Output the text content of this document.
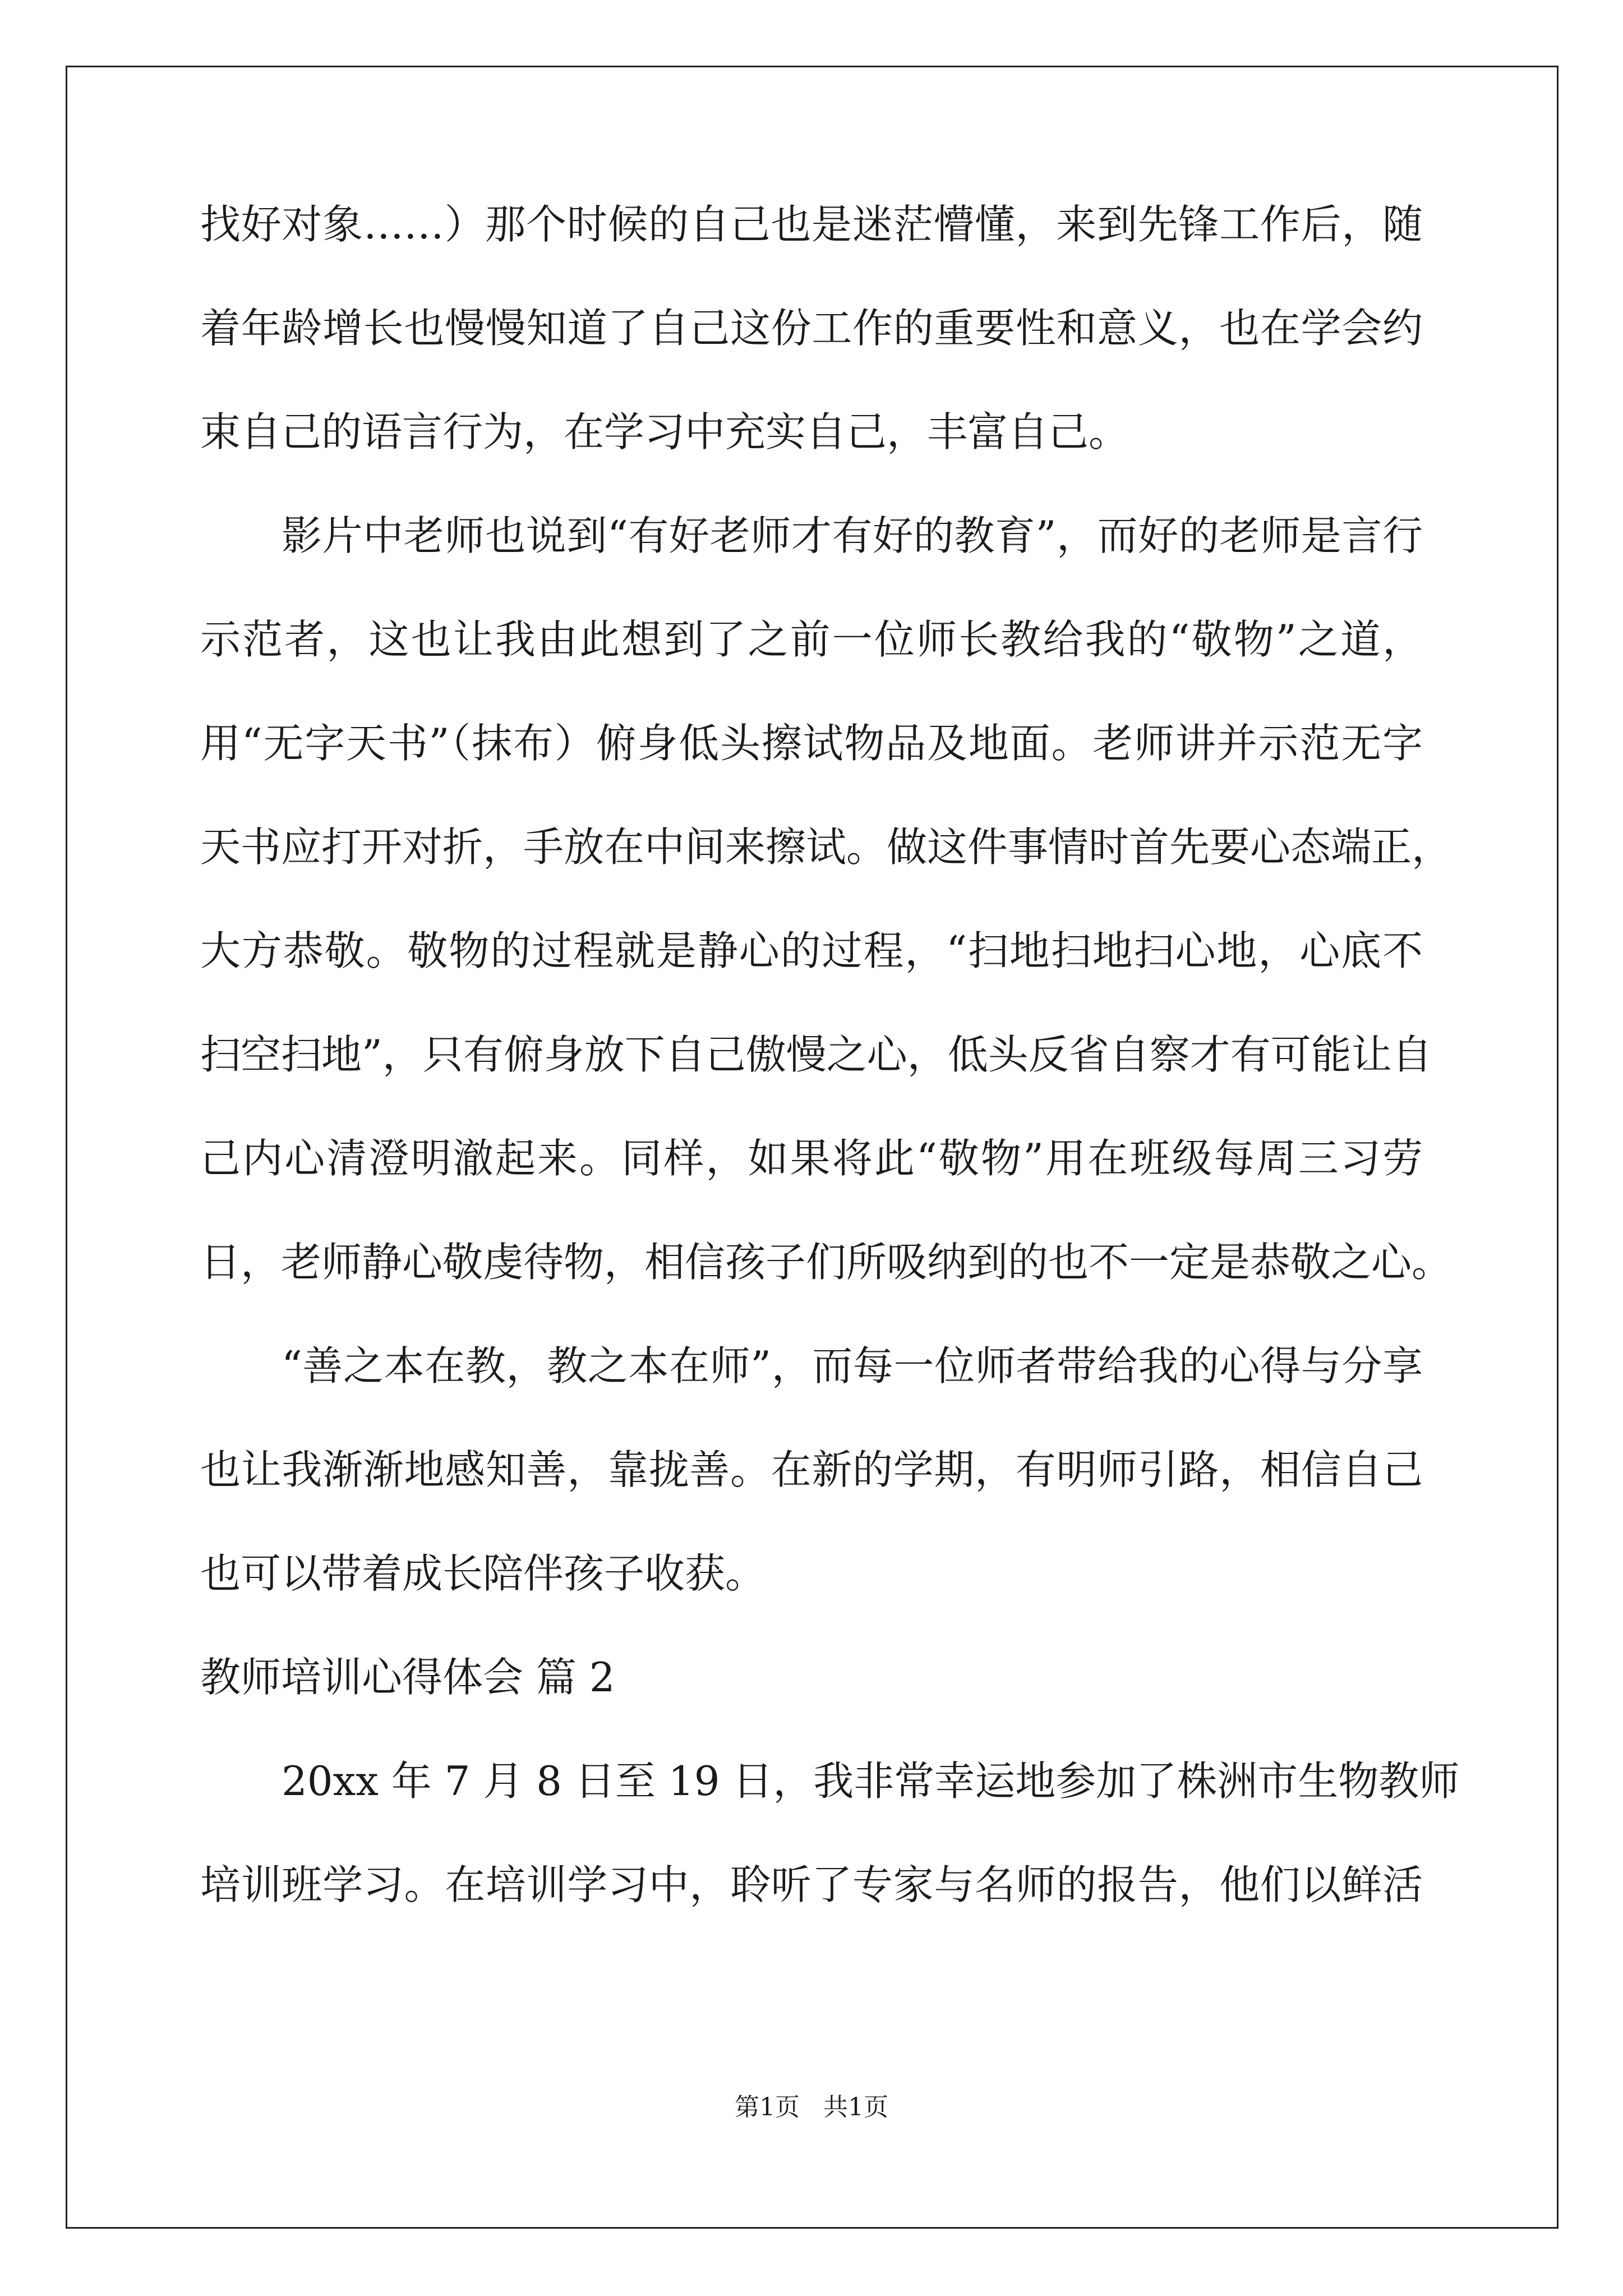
找好对象……）那个时候的自己也是迷茫懵懂，来到先锋工作后，随
着年龄增长也慢慢知道了自己这份工作的重要性和意义，也在学会约
束自己的语言行为，在学习中充实自己，丰富自己。
影片中老师也说到“有好老师才有好的教育”，而好的老师是言行
示范者，这也让我由此想到了之前一位师长教给我的“敬物”之道，
用“无字天书”（抹布）俯身低头擦试物品及地面。老师讲并示范无字
天书应打开对折，手放在中间来擦试。做这件事情时首先要心态端正，
大方恭敬。敬物的过程就是静心的过程，“扫地扫地扫心地，心底不
扫空扫地”，只有俯身放下自己傲慢之心，低头反省自察才有可能让自
己内心清澄明澈起来。同样，如果将此“敬物”用在班级每周三习劳
日，老师静心敬虔待物，相信孩子们所吸纳到的也不一定是恭敬之心。
“善之本在教，教之本在师”，而每一位师者带给我的心得与分享
也让我渐渐地感知善，靠拢善。在新的学期，有明师引路，相信自己
也可以带着成长陪伴孩子收获。
教师培训心得体会 篇 2
20xx 年 7 月 8 日至 19 日，我非常幸运地参加了株洲市生物教师
培训班学习。在培训学习中，聆听了专家与名师的报告，他们以鲜活
第1页   共1页
